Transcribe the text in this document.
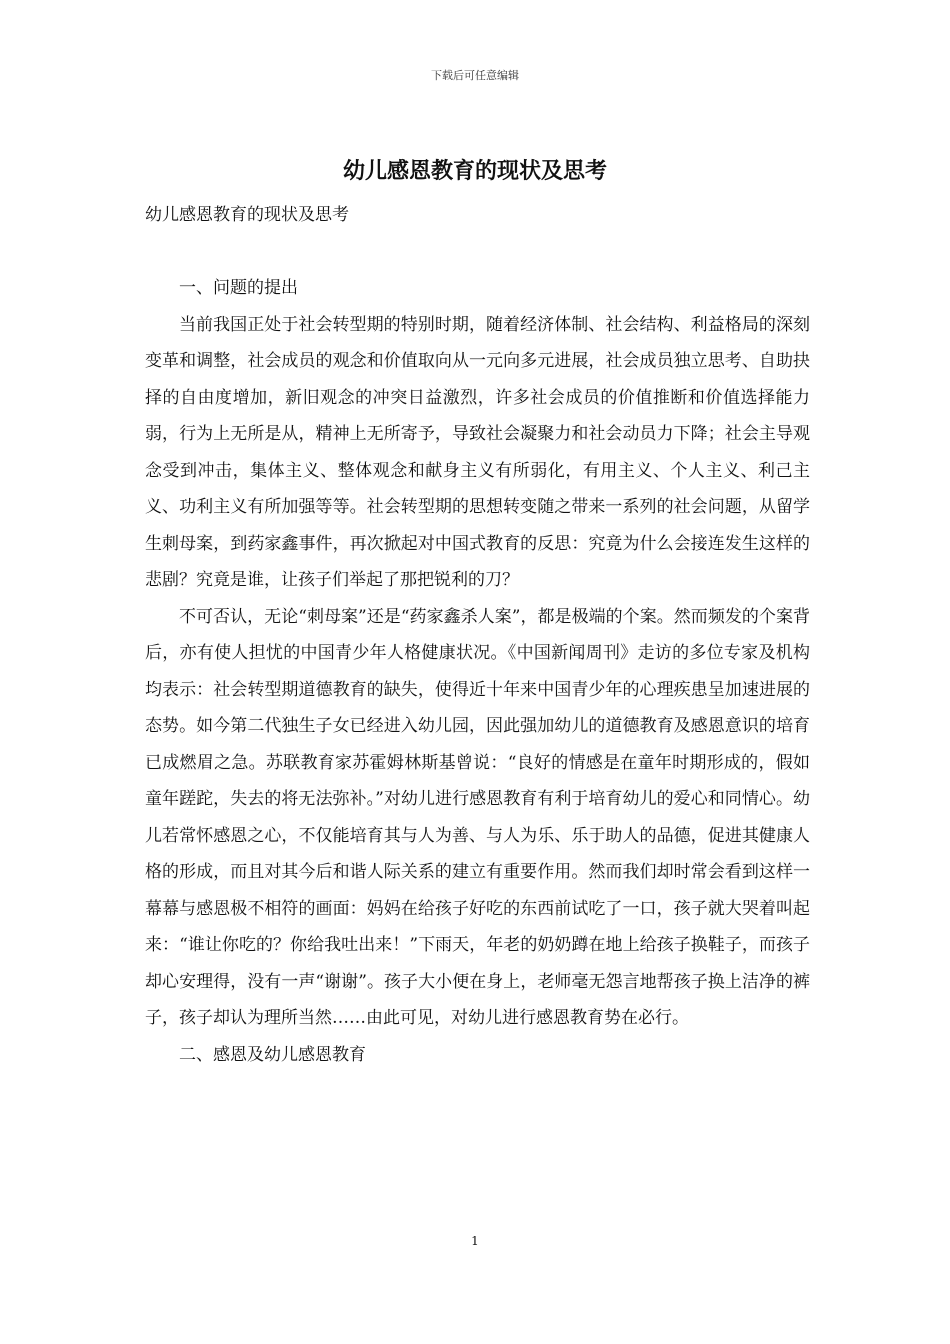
下载后可任意编辑
幼儿感恩教育的现状及思考

幼儿感恩教育的现状及思考

一、问题的提出

当前我国正处于社会转型期的特别时期，随着经济体制、社会结构、利益格局的深刻变革和调整，社会成员的观念和价值取向从一元向多元进展，社会成员独立思考、自助抉择的自由度增加，新旧观念的冲突日益激烈，许多社会成员的价值推断和价值选择能力弱，行为上无所是从，精神上无所寄予，导致社会凝聚力和社会动员力下降；社会主导观念受到冲击，集体主义、整体观念和献身主义有所弱化，有用主义、个人主义、利己主义、功利主义有所加强等等。社会转型期的思想转变随之带来一系列的社会问题，从留学生刺母案，到药家鑫事件，再次掀起对中国式教育的反思：究竟为什么会接连发生这样的悲剧？究竟是谁，让孩子们举起了那把锐利的刀？

不可否认，无论“刺母案”还是“药家鑫杀人案”，都是极端的个案。然而频发的个案背后，亦有使人担忧的中国青少年人格健康状况。《中国新闻周刊》走访的多位专家及机构均表示：社会转型期道德教育的缺失，使得近十年来中国青少年的心理疾患呈加速进展的态势。如今第二代独生子女已经进入幼儿园，因此强加幼儿的道德教育及感恩意识的培育已成燃眉之急。苏联教育家苏霍姆林斯基曾说：“良好的情感是在童年时期形成的，假如童年蹉跎，失去的将无法弥补。”对幼儿进行感恩教育有利于培育幼儿的爱心和同情心。幼儿若常怀感恩之心，不仅能培育其与人为善、与人为乐、乐于助人的品德，促进其健康人格的形成，而且对其今后和谐人际关系的建立有重要作用。然而我们却时常会看到这样一幕幕与感恩极不相符的画面：妈妈在给孩子好吃的东西前试吃了一口，孩子就大哭着叫起来：“谁让你吃的？你给我吐出来！”下雨天，年老的奶奶蹲在地上给孩子换鞋子，而孩子却心安理得，没有一声“谢谢”。孩子大小便在身上，老师毫无怨言地帮孩子换上洁净的裤子，孩子却认为理所当然……由此可见，对幼儿进行感恩教育势在必行。

二、感恩及幼儿感恩教育

1
